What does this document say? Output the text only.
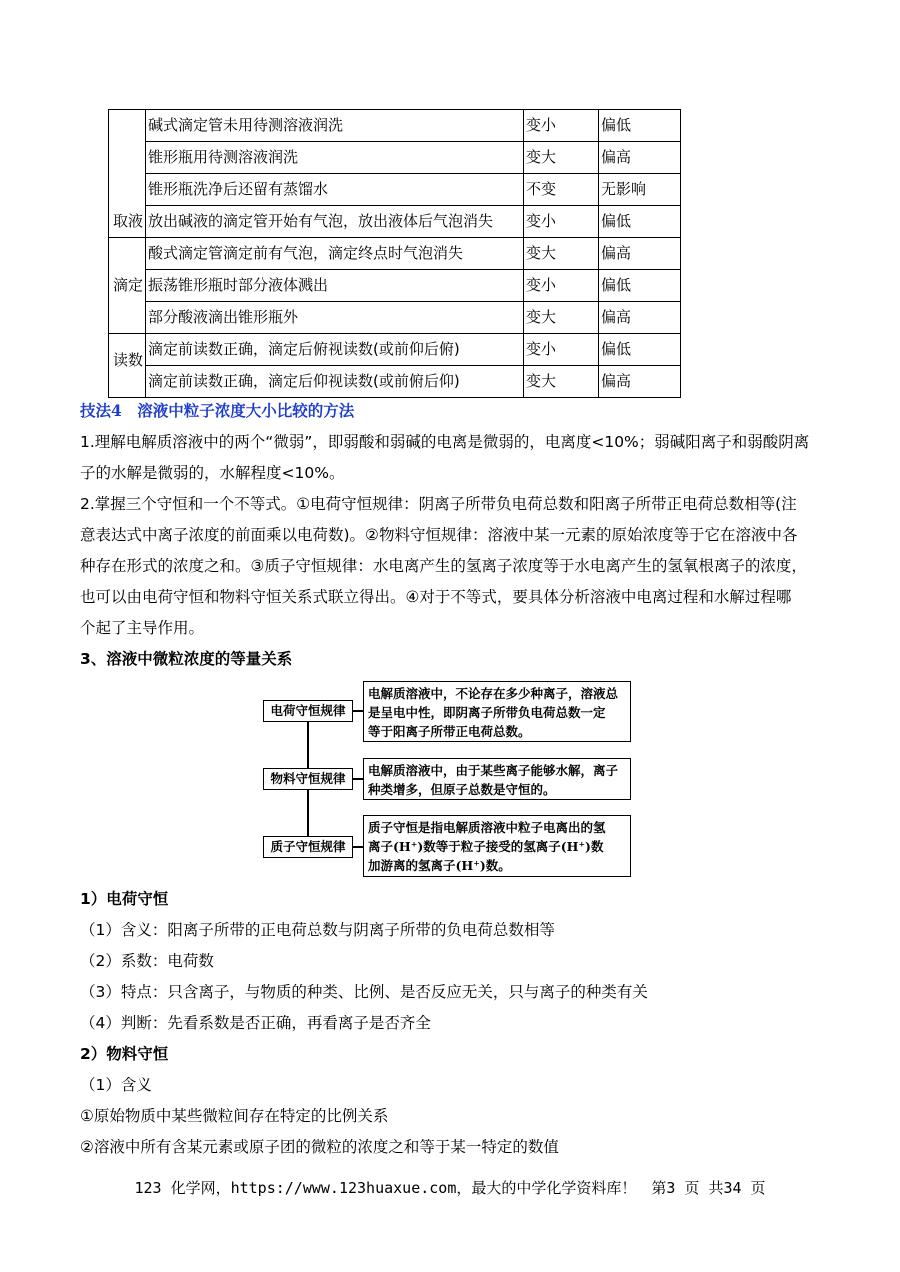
取液	碱式滴定管未用待测溶液润洗	变小	偏低
	锥形瓶用待测溶液润洗	变大	偏高
	锥形瓶洗净后还留有蒸馏水	不变	无影响
	放出碱液的滴定管开始有气泡，放出液体后气泡消失	变小	偏低
滴定	酸式滴定管滴定前有气泡，滴定终点时气泡消失	变大	偏高
	振荡锥形瓶时部分液体溅出	变小	偏低
	部分酸液滴出锥形瓶外	变大	偏高
读数	滴定前读数正确，滴定后俯视读数(或前仰后俯)	变小	偏低
	滴定前读数正确，滴定后仰视读数(或前俯后仰)	变大	偏高
技法4　溶液中粒子浓度大小比较的方法
1.理解电解质溶液中的两个“微弱”，即弱酸和弱碱的电离是微弱的，电离度<10%；弱碱阳离子和弱酸阴离
子的水解是微弱的，水解程度<10%。
2.掌握三个守恒和一个不等式。①电荷守恒规律：阴离子所带负电荷总数和阳离子所带正电荷总数相等(注
意表达式中离子浓度的前面乘以电荷数)。②物料守恒规律：溶液中某一元素的原始浓度等于它在溶液中各
种存在形式的浓度之和。③质子守恒规律：水电离产生的氢离子浓度等于水电离产生的氢氧根离子的浓度，
也可以由电荷守恒和物料守恒关系式联立得出。④对于不等式，要具体分析溶液中电离过程和水解过程哪
个起了主导作用。
3、溶液中微粒浓度的等量关系
电荷守恒规律
电解质溶液中，不论存在多少种离子，溶液总
是呈电中性，即阴离子所带负电荷总数一定
等于阳离子所带正电荷总数。
物料守恒规律
电解质溶液中，由于某些离子能够水解，离子
种类增多，但原子总数是守恒的。
质子守恒规律
质子守恒是指电解质溶液中粒子电离出的氢
离子(H⁺)数等于粒子接受的氢离子(H⁺)数
加游离的氢离子(H⁺)数。
1）电荷守恒
（1）含义：阳离子所带的正电荷总数与阴离子所带的负电荷总数相等
（2）系数：电荷数
（3）特点：只含离子，与物质的种类、比例、是否反应无关，只与离子的种类有关
（4）判断：先看系数是否正确，再看离子是否齐全
2）物料守恒
（1）含义
①原始物质中某些微粒间存在特定的比例关系
②溶液中所有含某元素或原子团的微粒的浓度之和等于某一特定的数值
123 化学网，https://www.123huaxue.com，最大的中学化学资料库！　第3 页 共34 页
